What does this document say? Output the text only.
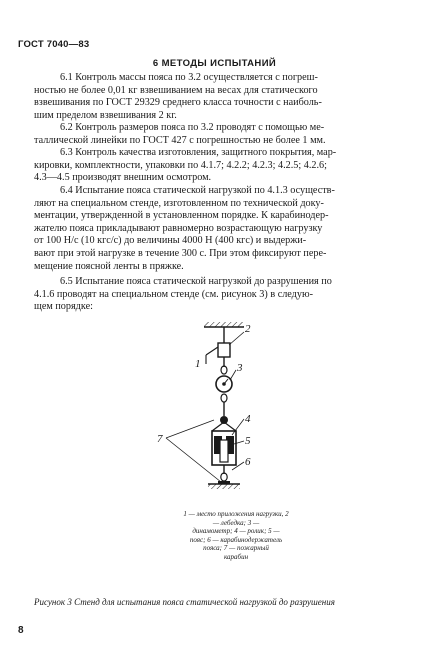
ГОСТ 7040—83
6 МЕТОДЫ ИСПЫТАНИЙ

6.1 Контроль массы пояса по 3.2 осуществляется с погреш-
ностью не более 0,01 кг взвешиванием на весах для статического
взвешивания по ГОСТ 29329 среднего класса точности с наиболь-
шим пределом взвешивания 2 кг.

6.2 Контроль размеров пояса по 3.2 проводят с помощью ме-
таллической линейки по ГОСТ 427 с погрешностью не более 1 мм.

6.3 Контроль качества изготовления, защитного покрытия, мар-
кировки, комплектности, упаковки по 4.1.7; 4.2.2; 4.2.3; 4.2.5; 4.2.6;
4.3—4.5 производят внешним осмотром.

6.4 Испытание пояса статической нагрузкой по 4.1.3 осуществ-
ляют на специальном стенде, изготовленном по технической доку-
ментации, утвержденной в установленном порядке. К карабинодер-
жателю пояса прикладывают равномерно возрастающую нагрузку
от 100 Н/с (10 кгс/с) до величины 4000 Н (400 кгс) и выдержи-
вают при этой нагрузке в течение 300 с. При этом фиксируют пере-
мещение поясной ленты в пряжке.

6.5 Испытание пояса статической нагрузкой до разрушения по
4.1.6 проводят на специальном стенде (см. рисунок 3) в следую-
щем порядке:

1
2
3
4
5
6
7
1 — место приложения нагрузки, 2 — лебедка; 3 —
динамометр; 4 — ролик; 5 —
пояс; 6 — карабинодержатель пояса; 7 — пожарный
карабин
Рисунок 3 Стенд для испытания пояса статической нагрузкой до разрушения
8
